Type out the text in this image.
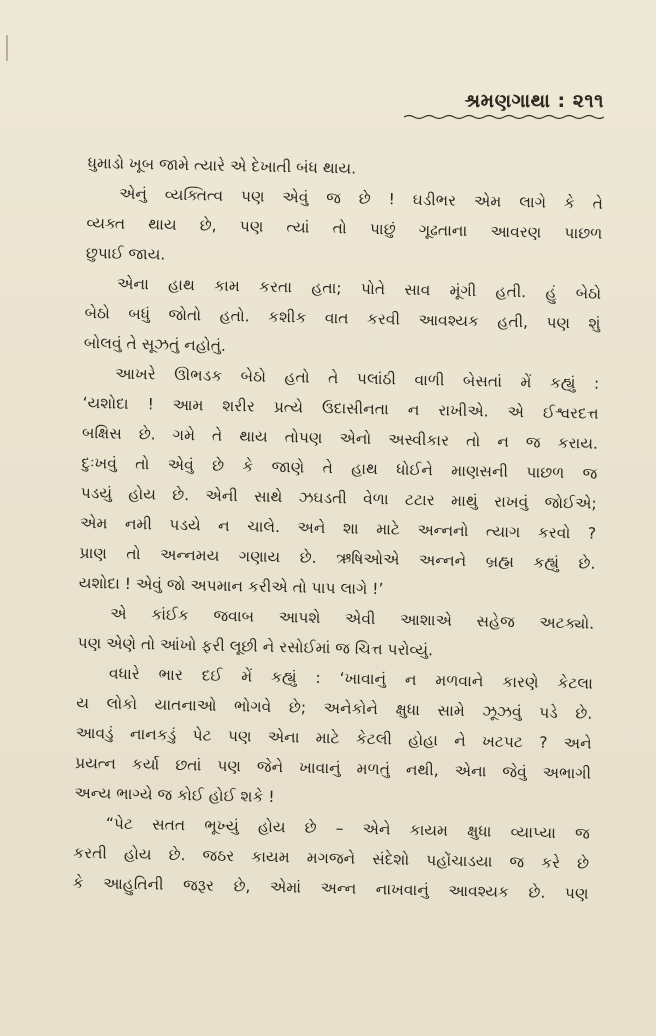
શ્રમણગાથા : ૨૧૧
ધુમાડો ખૂબ જામે ત્યારે એ દેખાતી બંધ થાય.
એનું વ્યક્તિત્વ પણ એવું જ છે ! ઘડીભર એમ લાગે કે તે
વ્યક્ત થાય છે, પણ ત્યાં તો પાછું ગૂઢતાના આવરણ પાછળ
છુપાઈ જાય.
એના હાથ કામ કરતા હતા; પોતે સાવ મૂંગી હતી. હું બેઠો
બેઠો બધું જોતો હતો. કશીક વાત કરવી આવશ્યક હતી, પણ શું
બોલવું તે સૂઝતું નહોતું.
આખરે ઊભડક બેઠો હતો તે પલાંઠી વાળી બેસતાં મેં કહ્યું :
‘યશોદા ! આમ શરીર પ્રત્યે ઉદાસીનતા ન રાખીએ. એ ઈશ્વરદત્ત
બક્ષિસ છે. ગમે તે થાય તોપણ એનો અસ્વીકાર તો ન જ કરાય.
દુઃખવું તો એવું છે કે જાણે તે હાથ ધોઈને માણસની પાછળ જ
પડયું હોય છે. એની સાથે ઝઘડતી વેળા ટટાર માથું રાખવું જોઈએ;
એમ નમી પડયે ન ચાલે. અને શા માટે અન્નનો ત્યાગ કરવો ?
પ્રાણ તો અન્નમય ગણાય છે. ઋષિઓએ અન્નને બ્રહ્મ કહ્યું છે.
યશોદા ! એવું જો અપમાન કરીએ તો પાપ લાગે !’
એ કાંઈક જવાબ આપશે એવી આશાએ સહેજ અટક્યો.
પણ એણે તો આંખો ફરી લૂછી ને રસોઈમાં જ ચિત્ત પરોવ્યું.
વધારે ભાર દઈ મેં કહ્યું : ‘ખાવાનું ન મળવાને કારણે કેટલા
ય લોકો યાતનાઓ ભોગવે છે; અનેકોને ક્ષુધા સામે ઝૂઝવું પડે છે.
આવડું નાનકડું પેટ પણ એના માટે કેટલી હોહા ને ખટપટ ? અને
પ્રયત્ન કર્યા છતાં પણ જેને ખાવાનું મળતું નથી, એના જેવું અભાગી
અન્ય ભાગ્યે જ કોઈ હોઈ શકે !
“પેટ સતત ભૂખ્યું હોય છે – એને કાયમ ક્ષુધા વ્યાપ્યા જ
કરતી હોય છે. જઠર કાયમ મગજને સંદેશો પહોંચાડયા જ કરે છે
કે આહુતિની જરૂર છે, એમાં અન્ન નાખવાનું આવશ્યક છે. પણ
